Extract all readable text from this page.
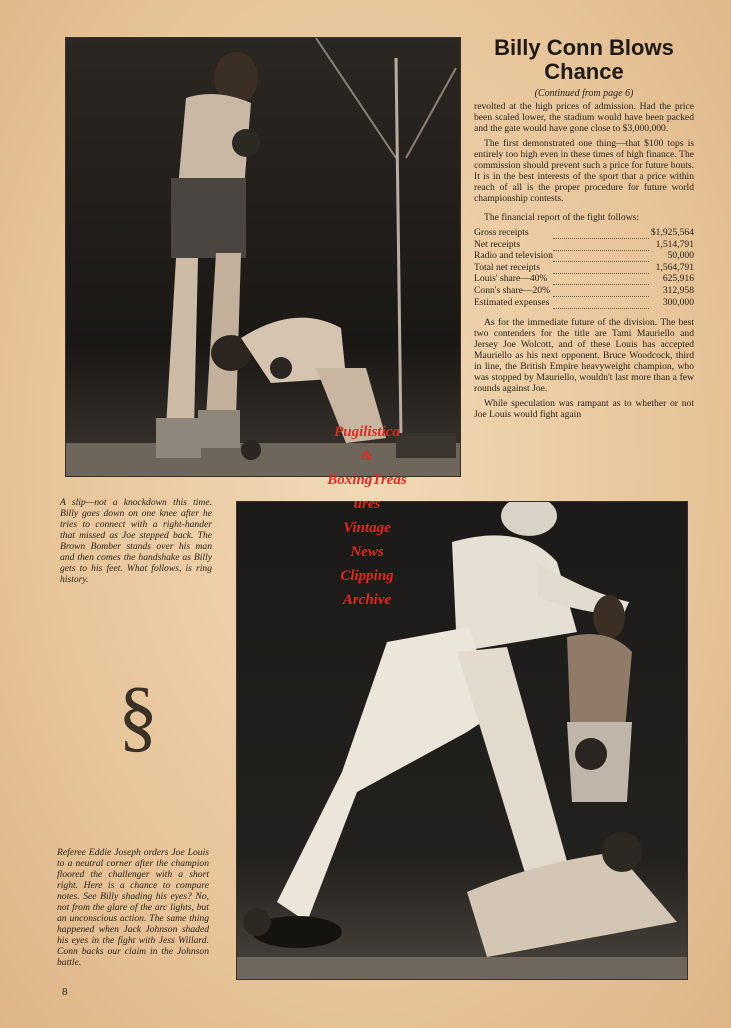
Billy Conn Blows Chance
(Continued from page 6)

revolted at the high prices of admission. Had the price been scaled lower, the stadium would have been packed and the gate would have gone close to $3,000,000.

The first demonstrated one thing—that $100 tops is entirely too high even in these times of high finance. The commission should prevent such a price for future bouts. It is in the best interests of the sport that a price within reach of all is the proper procedure for future world championship contests.

The financial report of the fight follows:

Gross receipts		$1,925,564
Net receipts		1,514,791
Radio and television		50,000
Total net receipts		1,564,791
Louis' share—40%		625,916
Conn's share—20%		312,958
Estimated expenses		300,000

As for the immediate future of the division. The best two contenders for the title are Tami Mauriello and Jersey Joe Wolcott, and of these Louis has accepted Mauriello as his next opponent. Bruce Woodcock, third in line, the British Empire heavyweight champion, who was stopped by Mauriello, wouldn't last more than a few rounds against Joe.

While speculation was rampant as to whether or not Joe Louis would fight again

A slip—not a knockdown this time. Billy goes down on one knee after he tries to connect with a right-hander that missed as Joe stepped back. The Brown Bomber stands over his man and then comes the handshake as Billy gets to his feet. What follows, is ring history.
§
Referee Eddie Joseph orders Joe Louis to a neutral corner after the champion floored the challenger with a short right. Here is a chance to compare notes. See Billy shading his eyes? No, not from the glare of the arc lights, but an unconscious action. The same thing happened when Jack Johnson shaded his eyes in the fight with Jess Willard. Conn backs our claim in the Johnson battle.
Pugilistica
&
BoxingTreas
ures
Vintage
News
Clipping
Archive
8
